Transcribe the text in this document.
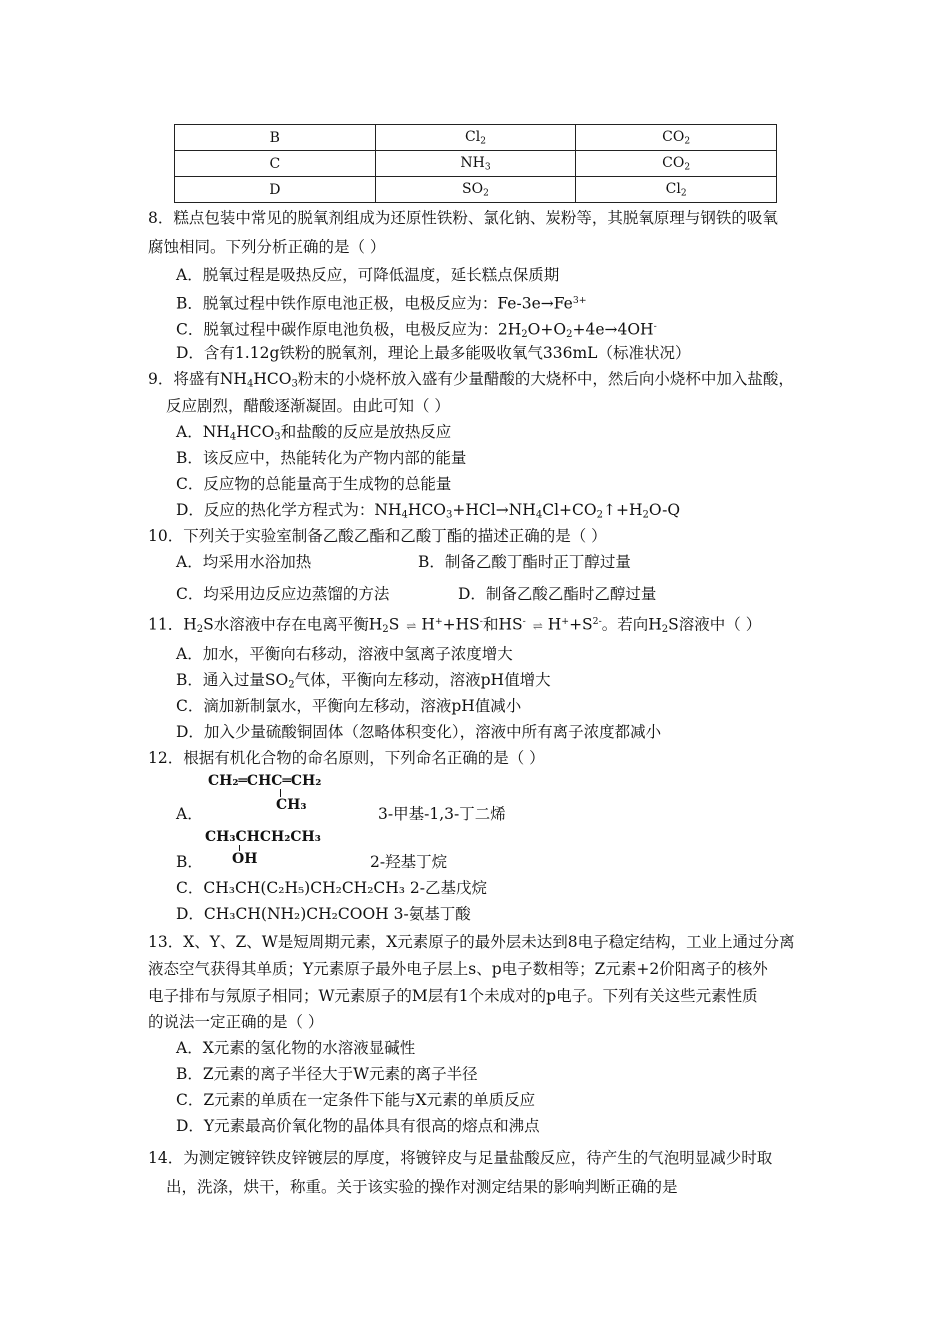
B	$Cl_2$	$CO_2$
C	$NH_3$	$CO_2$
D	$SO_2$	$Cl_2$
8．糕点包装中常见的脱氧剂组成为还原性铁粉、氯化钠、炭粉等，其脱氧原理与钢铁的吸氧
腐蚀相同。下列分析正确的是（ ）
A．脱氧过程是吸热反应，可降低温度，延长糕点保质期
B．脱氧过程中铁作原电池正极，电极反应为：$Fe-3e\to Fe^{3+}$
C．脱氧过程中碳作原电池负极，电极反应为：$2H_2O+O_2+4e\to 4OH^-$
D．含有1.12g铁粉的脱氧剂，理论上最多能吸收氧气336mL（标准状况）
9．将盛有$NH_4HCO_3$粉末的小烧杯放入盛有少量醋酸的大烧杯中，然后向小烧杯中加入盐酸，
反应剧烈，醋酸逐渐凝固。由此可知（ ）
A．$NH_4HCO_3$和盐酸的反应是放热反应
B．该反应中，热能转化为产物内部的能量
C．反应物的总能量高于生成物的总能量
D．反应的热化学方程式为：$NH_4HCO_3+HCl\to NH_4Cl+CO_2↑+H_2O-Q$
10．下列关于实验室制备乙酸乙酯和乙酸丁酯的描述正确的是（ ）
A．均采用水浴加热	B．制备乙酸丁酯时正丁醇过量
C．均采用边反应边蒸馏的方法	D．制备乙酸乙酯时乙醇过量
11．$H_2S$水溶液中存在电离平衡$H_2S$ ⇌ H++HS-和HS- ⇌ $H^++S^{2-}$。若向$H_2S$溶液中（ ）
A．加水，平衡向右移动，溶液中氢离子浓度增大
B．通入过量$SO_2$气体，平衡向左移动，溶液pH值增大
C．滴加新制氯水，平衡向左移动，溶液pH值减小
D．加入少量硫酸铜固体（忽略体积变化），溶液中所有离子浓度都减小
12．根据有机化合物的命名原则，下列命名正确的是（ ）
CH₂═CHC═CH₂
CH₃
A．	3-甲基-1,3-丁二烯
CH₃CHCH₂CH₃
OH
B．	2-羟基丁烷
C．CH₃CH(C₂H₅)CH₂CH₂CH₃ 2-乙基戊烷
D．CH₃CH(NH₂)CH₂COOH 3-氨基丁酸
13．X、Y、Z、W是短周期元素，X元素原子的最外层未达到8电子稳定结构，工业上通过分离
液态空气获得其单质；Y元素原子最外电子层上s、p电子数相等；Z元素+2价阳离子的核外
电子排布与氖原子相同；W元素原子的M层有1个未成对的p电子。下列有关这些元素性质
的说法一定正确的是（ ）
A．X元素的氢化物的水溶液显碱性
B．Z元素的离子半径大于W元素的离子半径
C．Z元素的单质在一定条件下能与X元素的单质反应
D．Y元素最高价氧化物的晶体具有很高的熔点和沸点
14．为测定镀锌铁皮锌镀层的厚度，将镀锌皮与足量盐酸反应，待产生的气泡明显减少时取
出，洗涤，烘干，称重。关于该实验的操作对测定结果的影响判断正确的是
